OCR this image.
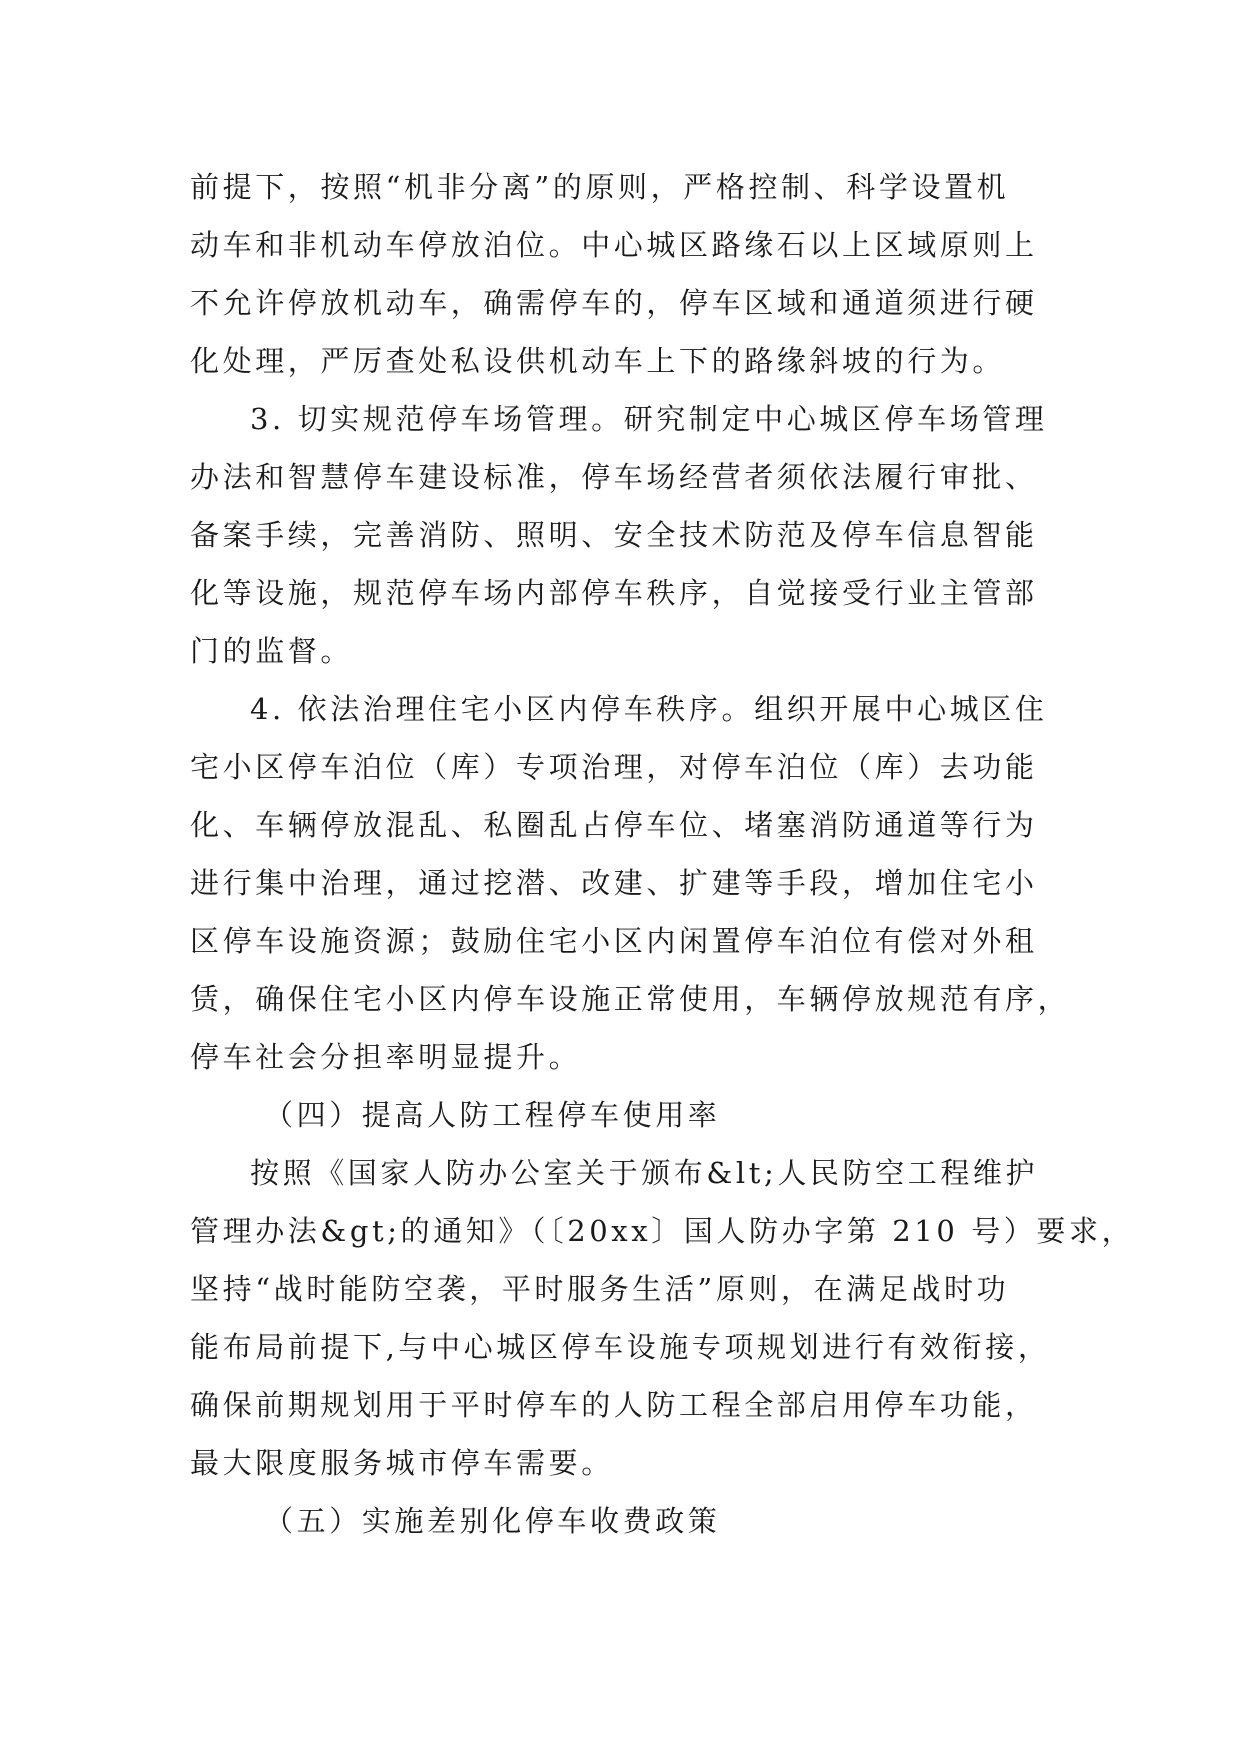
前提下，按照“机非分离”的原则，严格控制、科学设置机
动车和非机动车停放泊位。中心城区路缘石以上区域原则上
不允许停放机动车，确需停车的，停车区域和通道须进行硬
化处理，严厉查处私设供机动车上下的路缘斜坡的行为。
3. 切实规范停车场管理。研究制定中心城区停车场管理
办法和智慧停车建设标准，停车场经营者须依法履行审批、
备案手续，完善消防、照明、安全技术防范及停车信息智能
化等设施，规范停车场内部停车秩序，自觉接受行业主管部
门的监督。
4. 依法治理住宅小区内停车秩序。组织开展中心城区住
宅小区停车泊位（库）专项治理，对停车泊位（库）去功能
化、车辆停放混乱、私圈乱占停车位、堵塞消防通道等行为
进行集中治理，通过挖潜、改建、扩建等手段，增加住宅小
区停车设施资源；鼓励住宅小区内闲置停车泊位有偿对外租
赁，确保住宅小区内停车设施正常使用，车辆停放规范有序，
停车社会分担率明显提升。
（四）提高人防工程停车使用率
按照《国家人防办公室关于颁布&lt;人民防空工程维护
管理办法&gt;的通知》（〔20xx〕国人防办字第 210 号）要求，
坚持“战时能防空袭，平时服务生活”原则，在满足战时功
能布局前提下,与中心城区停车设施专项规划进行有效衔接，
确保前期规划用于平时停车的人防工程全部启用停车功能，
最大限度服务城市停车需要。
（五）实施差别化停车收费政策
